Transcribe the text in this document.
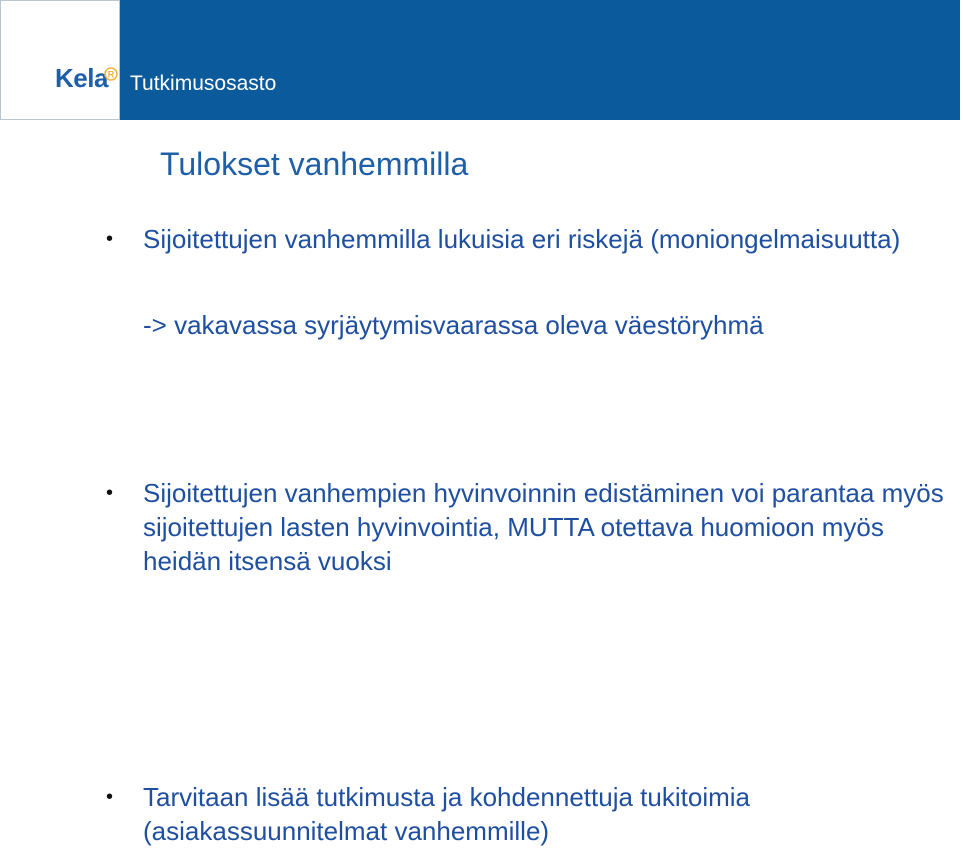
Kela R Tutkimusosasto
Tulokset vanhemmilla
• Sijoitettujen vanhemmilla lukuisia eri riskejä (moniongelmaisuutta)
• Sijoitettujen vanhempien hyvinvoinnin edistäminen voi parantaa myös sijoitettujen lasten hyvinvointia, MUTTA otettava huomioon myös heidän itsensä vuoksi
• Tarvitaan lisää tutkimusta ja kohdennettuja tukitoimia (asiakassuunnitelmat vanhemmille)
-> vakavassa syrjäytymisvaarassa oleva väestöryhmä
